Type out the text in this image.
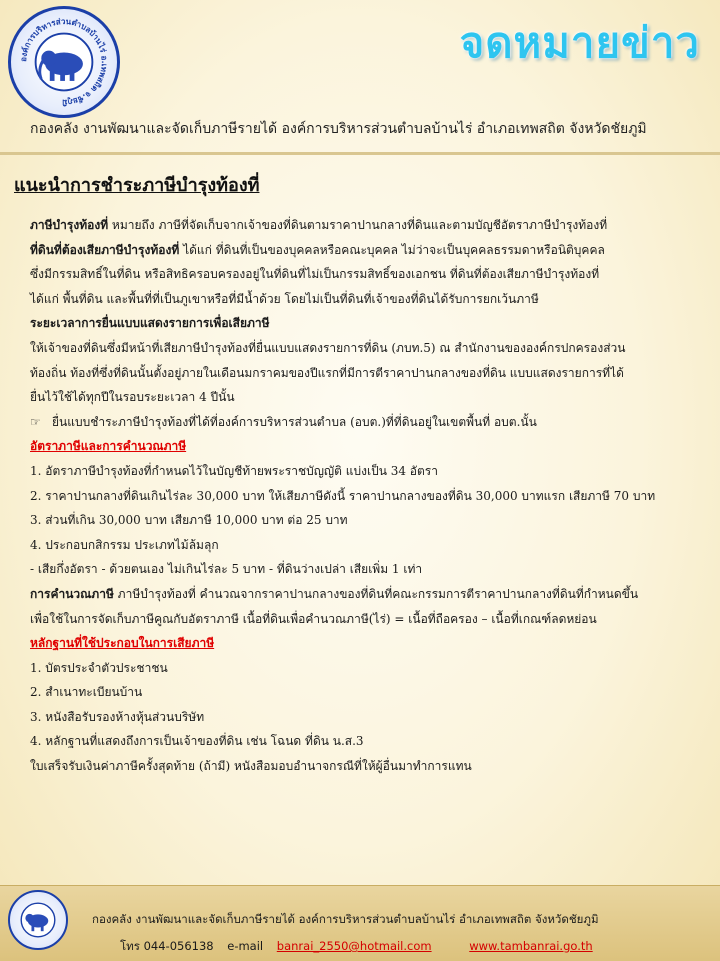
องค์การบริหารส่วนตำบลบ้านไร่ อ.เทพสถิต จ.ชัยภูมิ
จดหมายข่าว
กองคลัง งานพัฒนาและจัดเก็บภาษีรายได้ องค์การบริหารส่วนตำบลบ้านไร่ อำเภอเทพสถิต จังหวัดชัยภูมิ
แนะนำการชำระภาษีบำรุงท้องที่

ภาษีบำรุงท้องที่ หมายถึง ภาษีที่จัดเก็บจากเจ้าของที่ดินตามราคาปานกลางที่ดินและตามบัญชีอัตราภาษีบำรุงท้องที่

ที่ดินที่ต้องเสียภาษีบำรุงท้องที่ ได้แก่ ที่ดินที่เป็นของบุคคลหรือคณะบุคคล ไม่ว่าจะเป็นบุคคลธรรมดาหรือนิติบุคคล

ซึ่งมีกรรมสิทธิ์ในที่ดิน หรือสิทธิครอบครองอยู่ในที่ดินที่ไม่เป็นกรรมสิทธิ์ของเอกชน ที่ดินที่ต้องเสียภาษีบำรุงท้องที่

ได้แก่ พื้นที่ดิน และพื้นที่ที่เป็นภูเขาหรือที่มีน้ำด้วย โดยไม่เป็นที่ดินที่เจ้าของที่ดินได้รับการยกเว้นภาษี

ระยะเวลาการยื่นแบบแสดงรายการเพื่อเสียภาษี

ให้เจ้าของที่ดินซึ่งมีหน้าที่เสียภาษีบำรุงท้องที่ยื่นแบบแสดงรายการที่ดิน (ภบท.5) ณ สำนักงานขององค์กรปกครองส่วน

ท้องถิ่น ท้องที่ซึ่งที่ดินนั้นตั้งอยู่ภายในเดือนมกราคมของปีแรกที่มีการตีราคาปานกลางของที่ดิน แบบแสดงรายการที่ได้

ยื่นไว้ใช้ได้ทุกปีในรอบระยะเวลา 4 ปีนั้น

☞ ยื่นแบบชำระภาษีบำรุงท้องที่ได้ที่องค์การบริหารส่วนตำบล (อบต.)ที่ที่ดินอยู่ในเขตพื้นที่ อบต.นั้น

อัตราภาษีและการคำนวณภาษี

1. อัตราภาษีบำรุงท้องที่กำหนดไว้ในบัญชีท้ายพระราชบัญญัติ แบ่งเป็น 34 อัตรา

2. ราคาปานกลางที่ดินเกินไร่ละ 30,000 บาท ให้เสียภาษีดังนี้ ราคาปานกลางของที่ดิน 30,000 บาทแรก เสียภาษี 70 บาท

3. ส่วนที่เกิน 30,000 บาท เสียภาษี 10,000 บาท ต่อ 25 บาท

4. ประกอบกสิกรรม ประเภทไม้ล้มลุก

- เสียกึ่งอัตรา - ด้วยตนเอง ไม่เกินไร่ละ 5 บาท - ที่ดินว่างเปล่า เสียเพิ่ม 1 เท่า

การคำนวณภาษี ภาษีบำรุงท้องที่ คำนวณจากราคาปานกลางของที่ดินที่คณะกรรมการตีราคาปานกลางที่ดินที่กำหนดขึ้น

เพื่อใช้ในการจัดเก็บภาษีคูณกับอัตราภาษี เนื้อที่ดินเพื่อคำนวณภาษี(ไร่) = เนื้อที่ถือครอง – เนื้อที่เกณฑ์ลดหย่อน

หลักฐานที่ใช้ประกอบในการเสียภาษี

1. บัตรประจำตัวประชาชน

2. สำเนาทะเบียนบ้าน

3. หนังสือรับรองห้างหุ้นส่วนบริษัท

4. หลักฐานที่แสดงถึงการเป็นเจ้าของที่ดิน เช่น โฉนด ที่ดิน น.ส.3

ใบเสร็จรับเงินค่าภาษีครั้งสุดท้าย (ถ้ามี) หนังสือมอบอำนาจกรณีที่ให้ผู้อื่นมาทำการแทน

กองคลัง งานพัฒนาและจัดเก็บภาษีรายได้ องค์การบริหารส่วนตำบลบ้านไร่ อำเภอเทพสถิต จังหวัดชัยภูมิ
โทร 044-056138 e-mail banrai_2550@hotmail.com	www.tambanrai.go.th
